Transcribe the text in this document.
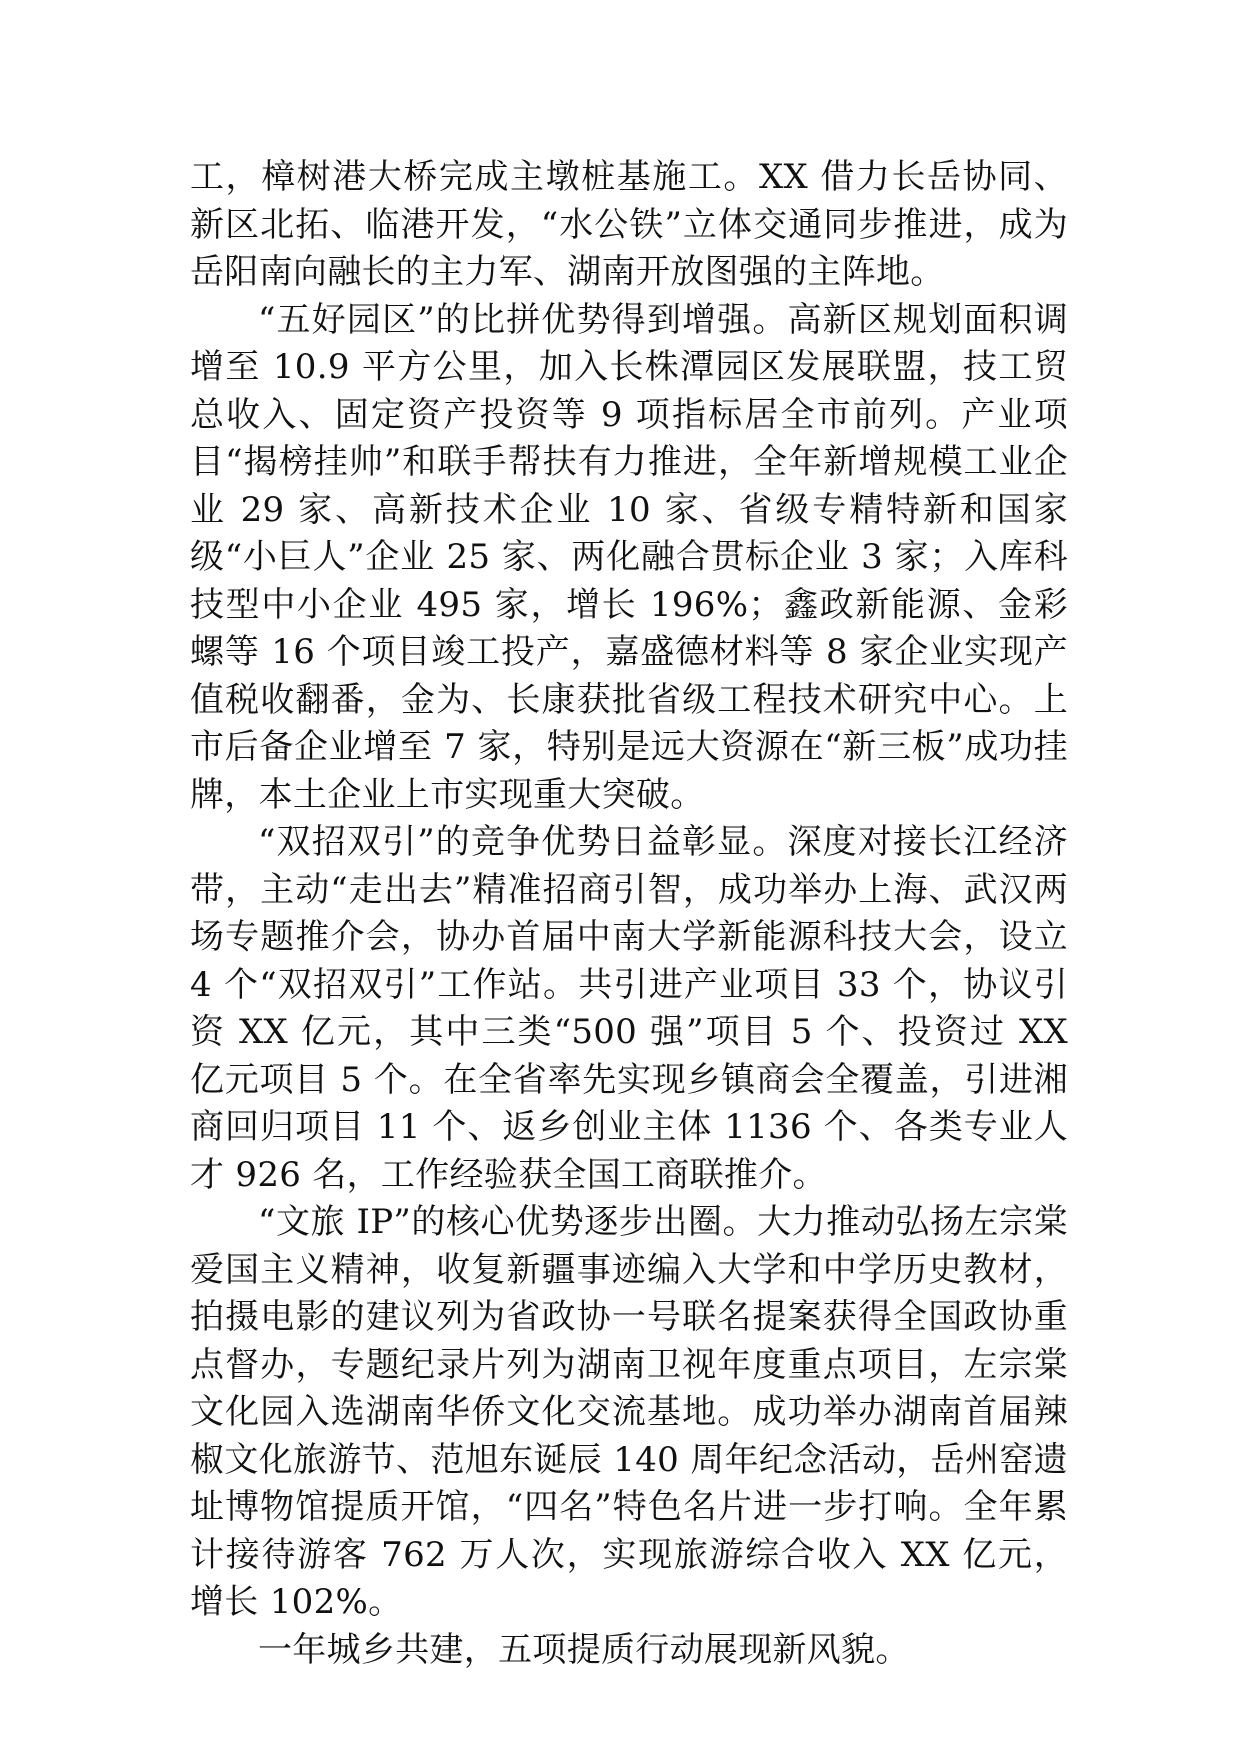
工，樟树港大桥完成主墩桩基施工。XX 借力长岳协同、新区北拓、临港开发，“水公铁”立体交通同步推进，成为岳阳南向融长的主力军、湖南开放图强的主阵地。

“五好园区”的比拼优势得到增强。高新区规划面积调增至 10.9 平方公里，加入长株潭园区发展联盟，技工贸总收入、固定资产投资等 9 项指标居全市前列。产业项目“揭榜挂帅”和联手帮扶有力推进，全年新增规模工业企业 29 家、高新技术企业 10 家、省级专精特新和国家级“小巨人”企业 25 家、两化融合贯标企业 3 家；入库科技型中小企业 495 家，增长 196%；鑫政新能源、金彩螺等 16 个项目竣工投产，嘉盛德材料等 8 家企业实现产值税收翻番，金为、长康获批省级工程技术研究中心。上市后备企业增至 7 家，特别是远大资源在“新三板”成功挂牌，本土企业上市实现重大突破。

“双招双引”的竞争优势日益彰显。深度对接长江经济带，主动“走出去”精准招商引智，成功举办上海、武汉两场专题推介会，协办首届中南大学新能源科技大会，设立 4 个“双招双引”工作站。共引进产业项目 33 个，协议引资 XX 亿元，其中三类“500 强”项目 5 个、投资过 XX 亿元项目 5 个。在全省率先实现乡镇商会全覆盖，引进湘商回归项目 11 个、返乡创业主体 1136 个、各类专业人才 926 名，工作经验获全国工商联推介。

“文旅 IP”的核心优势逐步出圈。大力推动弘扬左宗棠爱国主义精神，收复新疆事迹编入大学和中学历史教材，拍摄电影的建议列为省政协一号联名提案获得全国政协重点督办，专题纪录片列为湖南卫视年度重点项目，左宗棠文化园入选湖南华侨文化交流基地。成功举办湖南首届辣椒文化旅游节、范旭东诞辰 140 周年纪念活动，岳州窑遗址博物馆提质开馆，“四名”特色名片进一步打响。全年累计接待游客 762 万人次，实现旅游综合收入 XX 亿元，增长 102%。

一年城乡共建，五项提质行动展现新风貌。
